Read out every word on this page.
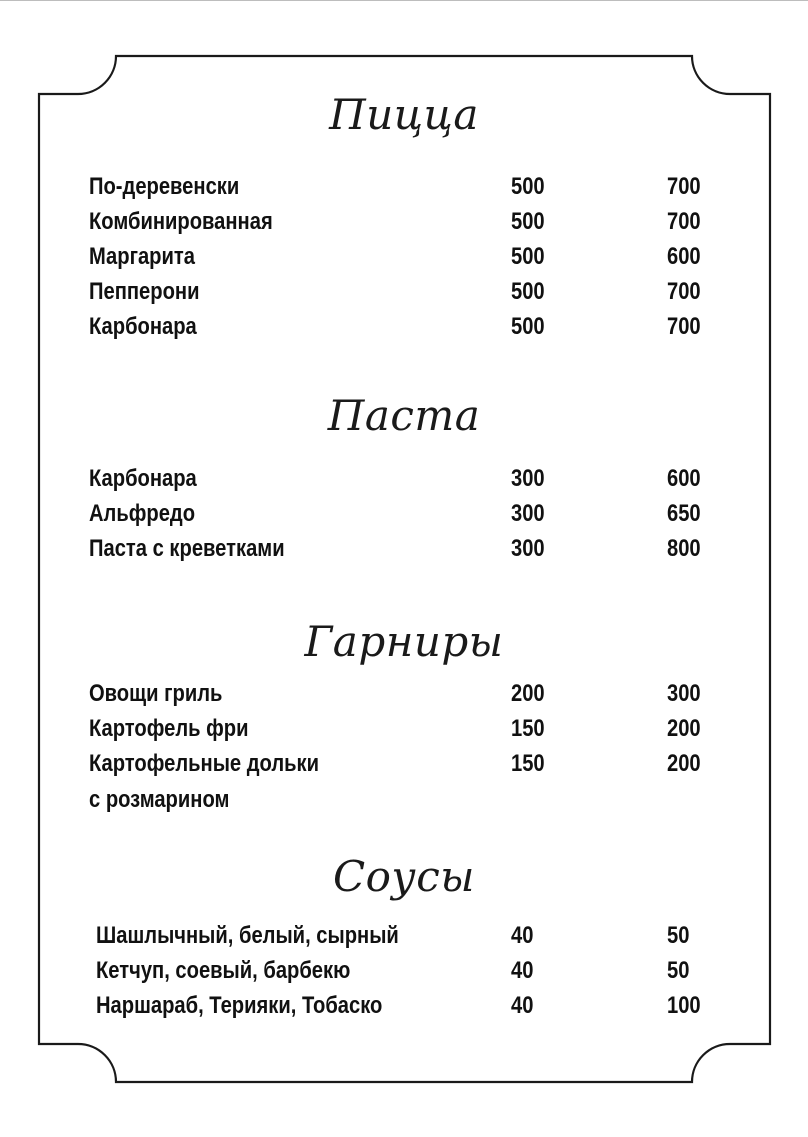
Пицца
По-деревенски	500	700
Комбинированная	500	700
Маргарита	500	600
Пепперони	500	700
Карбонара	500	700
Паста
Карбонара	300	600
Альфредо	300	650
Паста с креветками	300	800
Гарниры
Овощи гриль	200	300
Картофель фри	150	200
Картофельные дольки	150	200
с розмарином
Соусы
Шашлычный, белый, сырный	40	50
Кетчуп, соевый, барбекю	40	50
Наршараб, Терияки, Тобаско	40	100
